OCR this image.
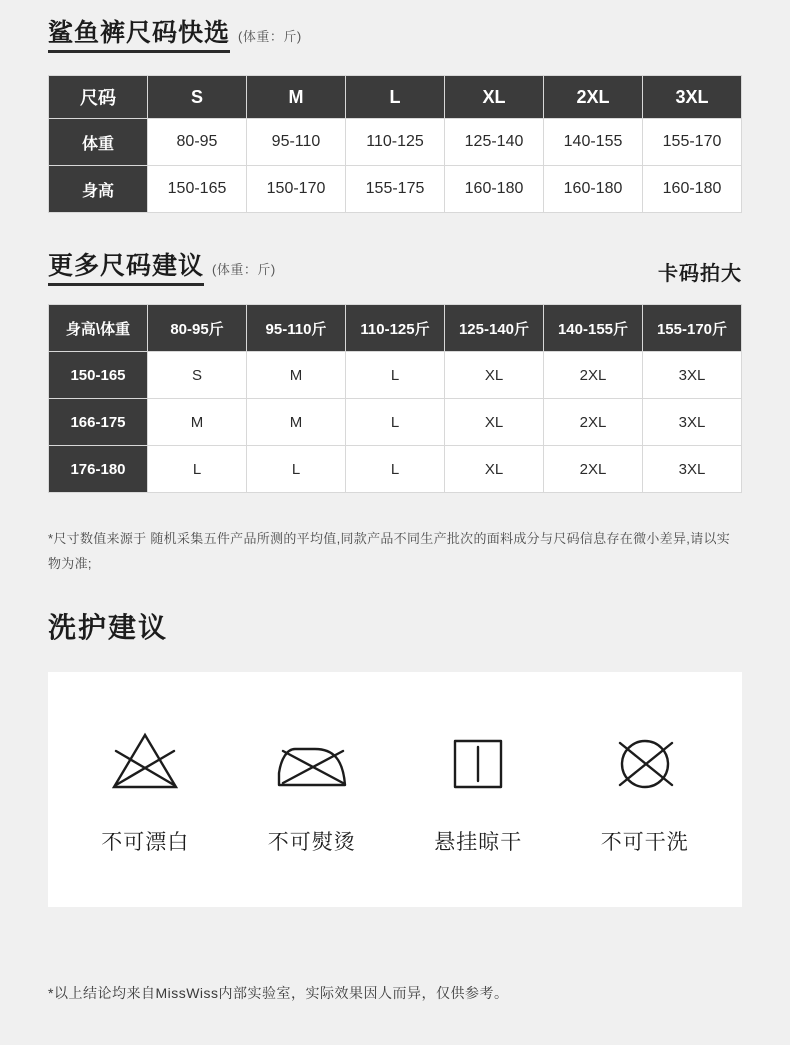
鲨鱼裤尺码快选 (体重：斤)
尺码	S	M	L	XL	2XL	3XL
体重	80-95	95-110	110-125	125-140	140-155	155-170
身高	150-165	150-170	155-175	160-180	160-180	160-180
更多尺码建议 (体重：斤)	卡码拍大
身高\体重	80-95斤	95-110斤	110-125斤	125-140斤	140-155斤	155-170斤
150-165	S	M	L	XL	2XL	3XL
166-175	M	M	L	XL	2XL	3XL
176-180	L	L	L	XL	2XL	3XL
*尺寸数值来源于 随机采集五件产品所测的平均值,同款产品不同生产批次的面料成分与尺码信息存在微小差异,请以实物为准;
洗护建议
不可漂白	不可熨烫	悬挂晾干	不可干洗
*以上结论均来自MissWiss内部实验室，实际效果因人而异，仅供参考。
